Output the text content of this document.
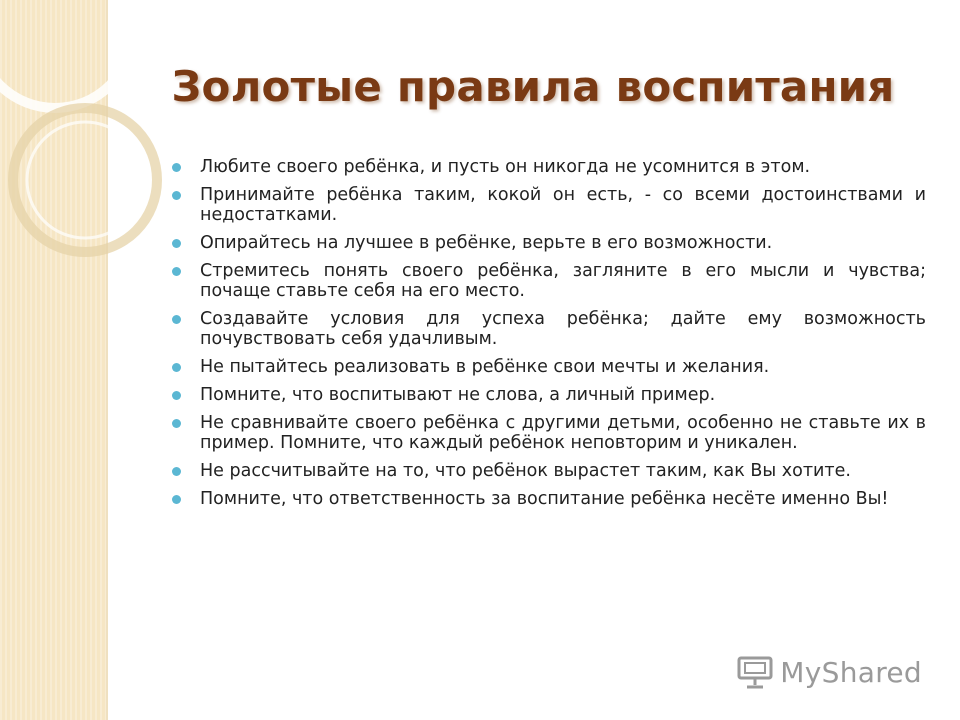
Золотые правила воспитания
Любите своего ребёнка, и пусть он никогда не усомнится в этом.
Принимайте ребёнка таким, кокой он есть, - со всеми достоинствами и недостатками.
Опирайтесь на лучшее в ребёнке, верьте в его возможности.
Стремитесь понять своего ребёнка, загляните в его мысли и чувства; почаще ставьте себя на его место.
Создавайте условия для успеха ребёнка; дайте ему возможность почувствовать себя удачливым.
Не пытайтесь реализовать в ребёнке свои мечты и желания.
Помните, что воспитывают не слова, а личный пример.
Не сравнивайте своего ребёнка с другими детьми, особенно не ставьте их в пример. Помните, что каждый ребёнок неповторим и уникален.
Не рассчитывайте на то, что ребёнок вырастет таким, как Вы хотите.
Помните, что ответственность за воспитание ребёнка несёте именно Вы!
MyShared
